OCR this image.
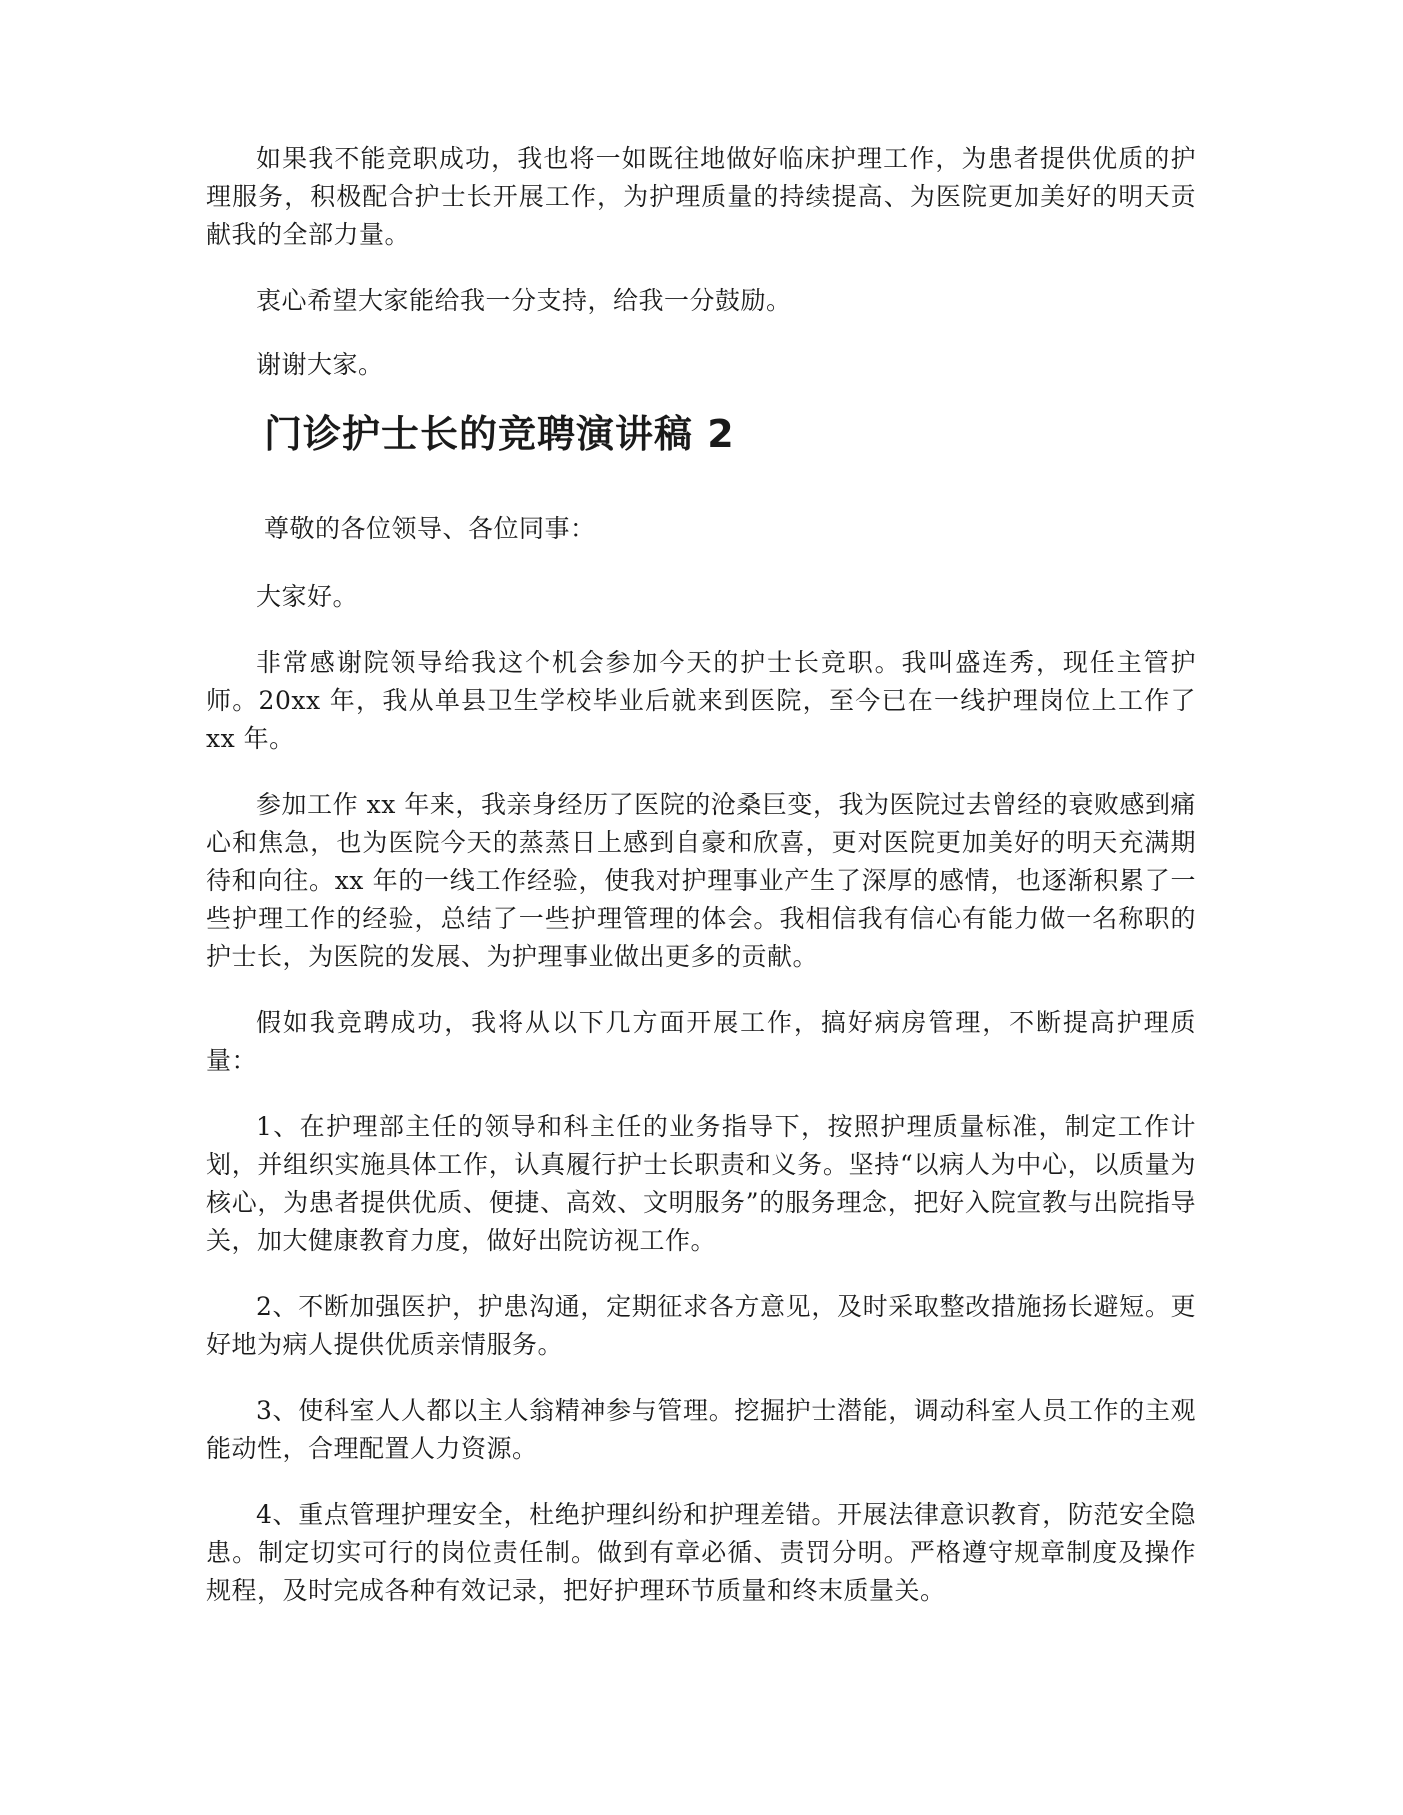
如果我不能竞职成功，我也将一如既往地做好临床护理工作，为患者提供优质的护理服务，积极配合护士长开展工作，为护理质量的持续提高、为医院更加美好的明天贡献我的全部力量。

衷心希望大家能给我一分支持，给我一分鼓励。

谢谢大家。

门诊护士长的竞聘演讲稿 2

尊敬的各位领导、各位同事：

大家好。

非常感谢院领导给我这个机会参加今天的护士长竞职。我叫盛连秀，现任主管护师。20xx 年，我从单县卫生学校毕业后就来到医院，至今已在一线护理岗位上工作了 xx 年。

参加工作 xx 年来，我亲身经历了医院的沧桑巨变，我为医院过去曾经的衰败感到痛心和焦急，也为医院今天的蒸蒸日上感到自豪和欣喜，更对医院更加美好的明天充满期待和向往。xx 年的一线工作经验，使我对护理事业产生了深厚的感情，也逐渐积累了一些护理工作的经验，总结了一些护理管理的体会。我相信我有信心有能力做一名称职的护士长，为医院的发展、为护理事业做出更多的贡献。

假如我竞聘成功，我将从以下几方面开展工作，搞好病房管理，不断提高护理质量：

1、在护理部主任的领导和科主任的业务指导下，按照护理质量标准，制定工作计划，并组织实施具体工作，认真履行护士长职责和义务。坚持“以病人为中心，以质量为核心，为患者提供优质、便捷、高效、文明服务”的服务理念，把好入院宣教与出院指导关，加大健康教育力度，做好出院访视工作。

2、不断加强医护，护患沟通，定期征求各方意见，及时采取整改措施扬长避短。更好地为病人提供优质亲情服务。

3、使科室人人都以主人翁精神参与管理。挖掘护士潜能，调动科室人员工作的主观能动性，合理配置人力资源。

4、重点管理护理安全，杜绝护理纠纷和护理差错。开展法律意识教育，防范安全隐患。制定切实可行的岗位责任制。做到有章必循、责罚分明。严格遵守规章制度及操作规程，及时完成各种有效记录，把好护理环节质量和终末质量关。
